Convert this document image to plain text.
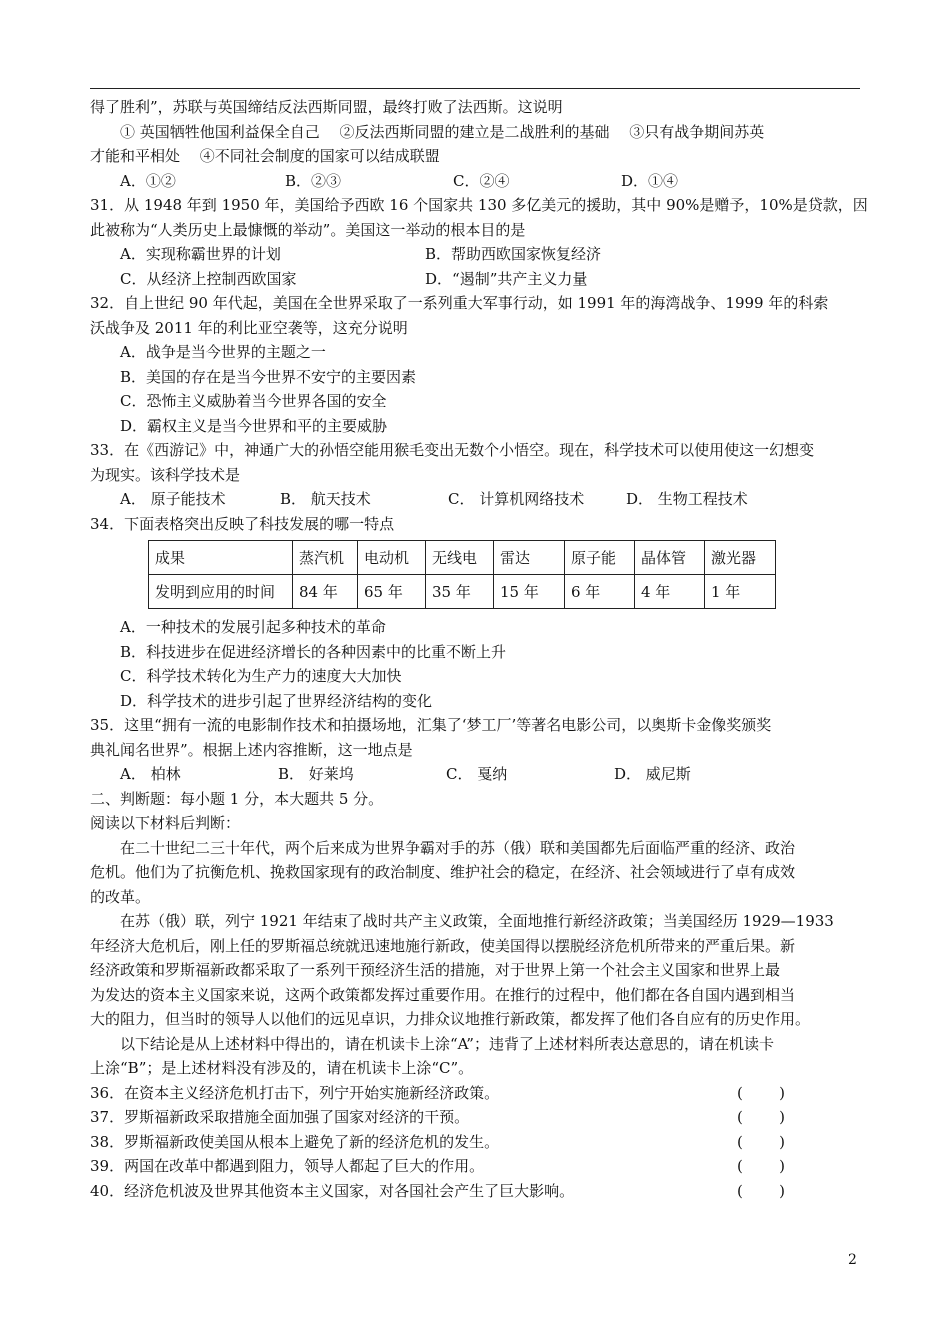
得了胜利”，苏联与英国缔结反法西斯同盟，最终打败了法西斯。这说明
① 英国牺牲他国利益保全自己　 ②反法西斯同盟的建立是二战胜利的基础　 ③只有战争期间苏英
才能和平相处　 ④不同社会制度的国家可以结成联盟
A．①②	B．②③	C．②④	D．①④
31．从 1948 年到 1950 年，美国给予西欧 16 个国家共 130 多亿美元的援助，其中 90%是赠予，10%是贷款，因
此被称为“人类历史上最慷慨的举动”。美国这一举动的根本目的是
A．实现称霸世界的计划	B．帮助西欧国家恢复经济
C．从经济上控制西欧国家	D．“遏制”共产主义力量
32．自上世纪 90 年代起，美国在全世界采取了一系列重大军事行动，如 1991 年的海湾战争、1999 年的科索
沃战争及 2011 年的利比亚空袭等，这充分说明
A．战争是当今世界的主题之一
B．美国的存在是当今世界不安宁的主要因素
C．恐怖主义威胁着当今世界各国的安全
D．霸权主义是当今世界和平的主要威胁
33．在《西游记》中，神通广大的孙悟空能用猴毛变出无数个小悟空。现在，科学技术可以使用使这一幻想变
为现实。该科学技术是
A． 原子能技术	B． 航天技术	C． 计算机网络技术	D． 生物工程技术
34．下面表格突出反映了科技发展的哪一特点
成果	蒸汽机	电动机	无线电	雷达	原子能	晶体管	激光器
发明到应用的时间	84 年	65 年	35 年	15 年	6 年	4 年	1 年
A．一种技术的发展引起多种技术的革命
B．科技进步在促进经济增长的各种因素中的比重不断上升
C．科学技术转化为生产力的速度大大加快
D．科学技术的进步引起了世界经济结构的变化
35．这里“拥有一流的电影制作技术和拍摄场地，汇集了‘梦工厂’等著名电影公司，以奥斯卡金像奖颁奖
典礼闻名世界”。根据上述内容推断，这一地点是
A． 柏林	B． 好莱坞	C． 戛纳	D． 威尼斯
二、判断题：每小题 1 分，本大题共 5 分。
阅读以下材料后判断：
在二十世纪二三十年代，两个后来成为世界争霸对手的苏（俄）联和美国都先后面临严重的经济、政治
危机。他们为了抗衡危机、挽救国家现有的政治制度、维护社会的稳定，在经济、社会领域进行了卓有成效
的改革。
在苏（俄）联，列宁 1921 年结束了战时共产主义政策，全面地推行新经济政策；当美国经历 1929—1933
年经济大危机后，刚上任的罗斯福总统就迅速地施行新政，使美国得以摆脱经济危机所带来的严重后果。新
经济政策和罗斯福新政都采取了一系列干预经济生活的措施，对于世界上第一个社会主义国家和世界上最
为发达的资本主义国家来说，这两个政策都发挥过重要作用。在推行的过程中，他们都在各自国内遇到相当
大的阻力，但当时的领导人以他们的远见卓识，力排众议地推行新政策，都发挥了他们各自应有的历史作用。
以下结论是从上述材料中得出的，请在机读卡上涂“A”；违背了上述材料所表达意思的，请在机读卡
上涂“B”；是上述材料没有涉及的，请在机读卡上涂“C”。
36．在资本主义经济危机打击下，列宁开始实施新经济政策。	( )
37．罗斯福新政采取措施全面加强了国家对经济的干预。	( )
38．罗斯福新政使美国从根本上避免了新的经济危机的发生。	( )
39．两国在改革中都遇到阻力，领导人都起了巨大的作用。	( )
40．经济危机波及世界其他资本主义国家，对各国社会产生了巨大影响。	( )
2
